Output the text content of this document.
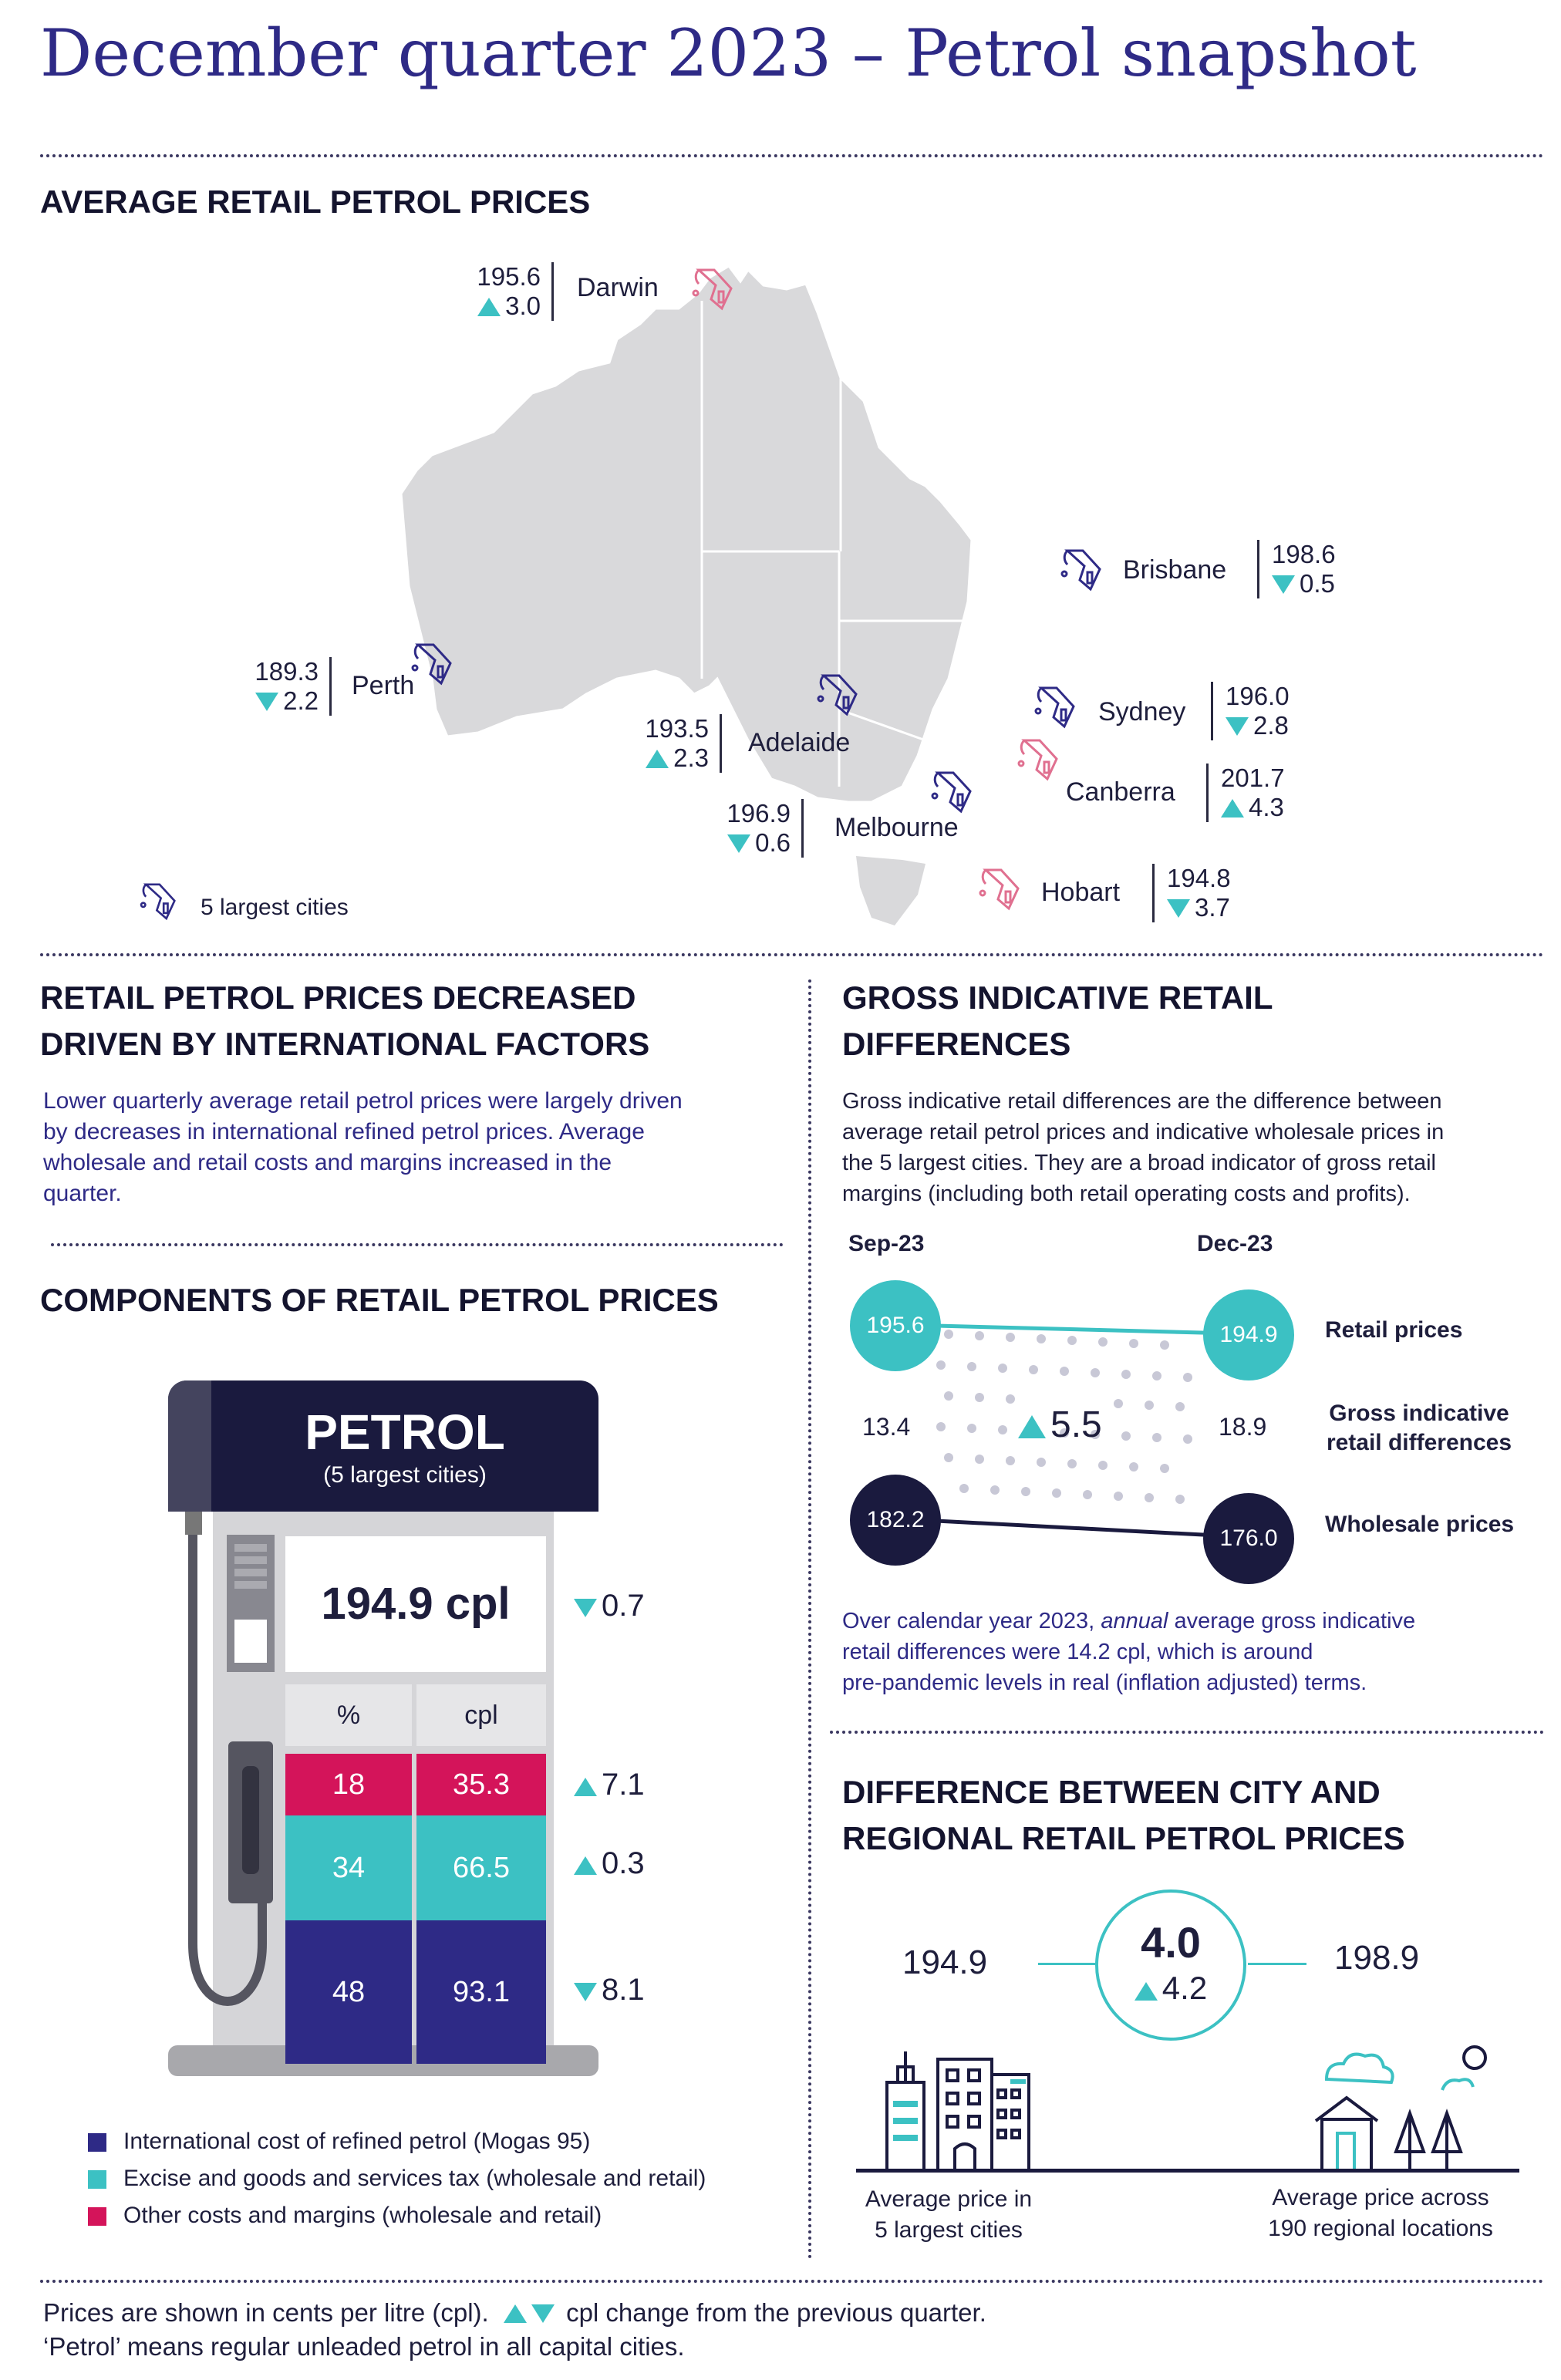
December quarter 2023 – Petrol snapshot
AVERAGE RETAIL PETROL PRICES
195.6
3.0
Darwin
Brisbane
198.6
0.5
189.3
2.2
Perth
193.5
2.3
Adelaide
Sydney
196.0
2.8
Canberra 201.7
4.3
196.9
0.6
Melbourne
Hobart 194.8
3.7
5 largest cities
RETAIL PETROL PRICES DECREASED
DRIVEN BY INTERNATIONAL FACTORS
Lower quarterly average retail petrol prices were largely driven
by decreases in international refined petrol prices. Average
wholesale and retail costs and margins increased in the
quarter.
COMPONENTS OF RETAIL PETROL PRICES
PETROL
(5 largest cities)
194.9 cpl	0.7
%	cpl
18	35.3	7.1
34	66.5	0.3
48	93.1	8.1
International cost of refined petrol (Mogas 95)
Excise and goods and services tax (wholesale and retail)
Other costs and margins (wholesale and retail)
GROSS INDICATIVE RETAIL
DIFFERENCES
Gross indicative retail differences are the difference between
average retail petrol prices and indicative wholesale prices in
the 5 largest cities. They are a broad indicator of gross retail
margins (including both retail operating costs and profits).
Sep-23	Dec-23
195.6	194.9
182.2
176.0
13.4	18.9
5.5
Retail prices
Gross indicative
retail differences
Wholesale prices
Over calendar year 2023, annual average gross indicative
retail differences were 14.2 cpl, which is around
pre-pandemic levels in real (inflation adjusted) terms.
DIFFERENCE BETWEEN CITY AND
REGIONAL RETAIL PETROL PRICES
194.9	198.9
4.0
4.2
Average price in
5 largest cities
Average price across
190 regional locations
Prices are shown in cents per litre (cpl).	cpl change from the previous quarter.
‘Petrol’ means regular unleaded petrol in all capital cities.
